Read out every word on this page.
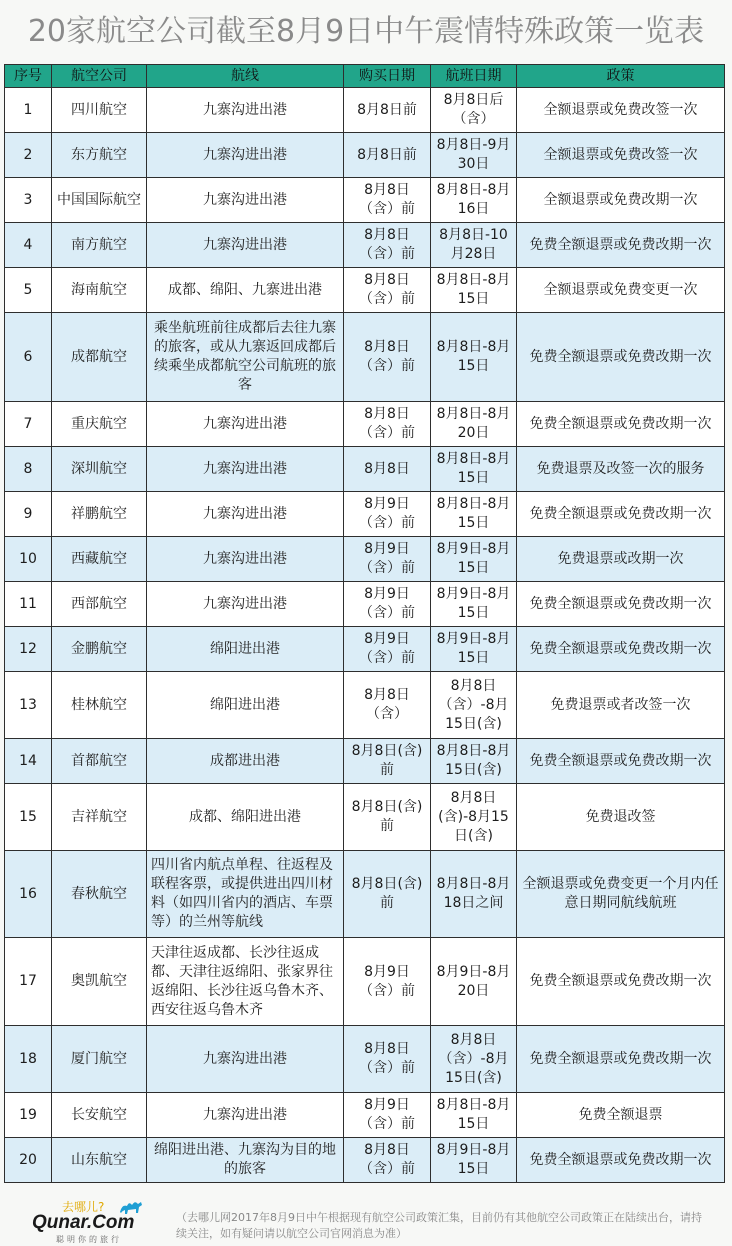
20家航空公司截至8月9日中午震情特殊政策一览表
序号	航空公司	航线	购买日期	航班日期	政策
1	四川航空	九寨沟进出港	8月8日前	8月8日后（含）	全额退票或免费改签一次
2	东方航空	九寨沟进出港	8月8日前	8月8日-9月30日	全额退票或免费改签一次
3	中国国际航空	九寨沟进出港	8月8日（含）前	8月8日-8月16日	全额退票或免费改期一次
4	南方航空	九寨沟进出港	8月8日（含）前	8月8日-10月28日	免费全额退票或免费改期一次
5	海南航空	成都、绵阳、九寨进出港	8月8日（含）前	8月8日-8月15日	全额退票或免费变更一次
6	成都航空	乘坐航班前往成都后去往九寨的旅客，或从九寨返回成都后续乘坐成都航空公司航班的旅客	8月8日（含）前	8月8日-8月15日	免费全额退票或免费改期一次
7	重庆航空	九寨沟进出港	8月8日（含）前	8月8日-8月20日	免费全额退票或免费改期一次
8	深圳航空	九寨沟进出港	8月8日	8月8日-8月15日	免费退票及改签一次的服务
9	祥鹏航空	九寨沟进出港	8月9日（含）前	8月8日-8月15日	免费全额退票或免费改期一次
10	西藏航空	九寨沟进出港	8月9日（含）前	8月9日-8月15日	免费退票或改期一次
11	西部航空	九寨沟进出港	8月9日（含）前	8月9日-8月15日	免费全额退票或免费改期一次
12	金鹏航空	绵阳进出港	8月9日（含）前	8月9日-8月15日	免费全额退票或免费改期一次
13	桂林航空	绵阳进出港	8月8日（含）	8月8日（含）-8月15日(含)	免费退票或者改签一次
14	首都航空	成都进出港	8月8日(含)前	8月8日-8月15日(含)	免费全额退票或免费改期一次
15	吉祥航空	成都、绵阳进出港	8月8日(含)前	8月8日(含)-8月15日(含)	免费退改签
16	春秋航空	四川省内航点单程、往返程及联程客票，或提供进出四川材料（如四川省内的酒店、车票等）的兰州等航线	8月8日(含)前	8月8日-8月18日之间	全额退票或免费变更一个月内任意日期同航线航班
17	奥凯航空	天津往返成都、长沙往返成都、天津往返绵阳、张家界往返绵阳、长沙往返乌鲁木齐、西安往返乌鲁木齐	8月9日（含）前	8月9日-8月20日	免费全额退票或免费改期一次
18	厦门航空	九寨沟进出港	8月8日（含）前	8月8日（含）-8月15日(含)	免费全额退票或免费改期一次
19	长安航空	九寨沟进出港	8月9日（含）前	8月8日-8月15日	免费全额退票
20	山东航空	绵阳进出港、九寨沟为目的地的旅客	8月8日（含）前	8月9日-8月15日	免费全额退票或免费改期一次
去哪儿?
Qunar.Com
聪明你的旅行
（去哪儿网2017年8月9日中午根据现有航空公司政策汇集，目前仍有其他航空公司政策正在陆续出台，请持续关注，如有疑问请以航空公司官网消息为准）
